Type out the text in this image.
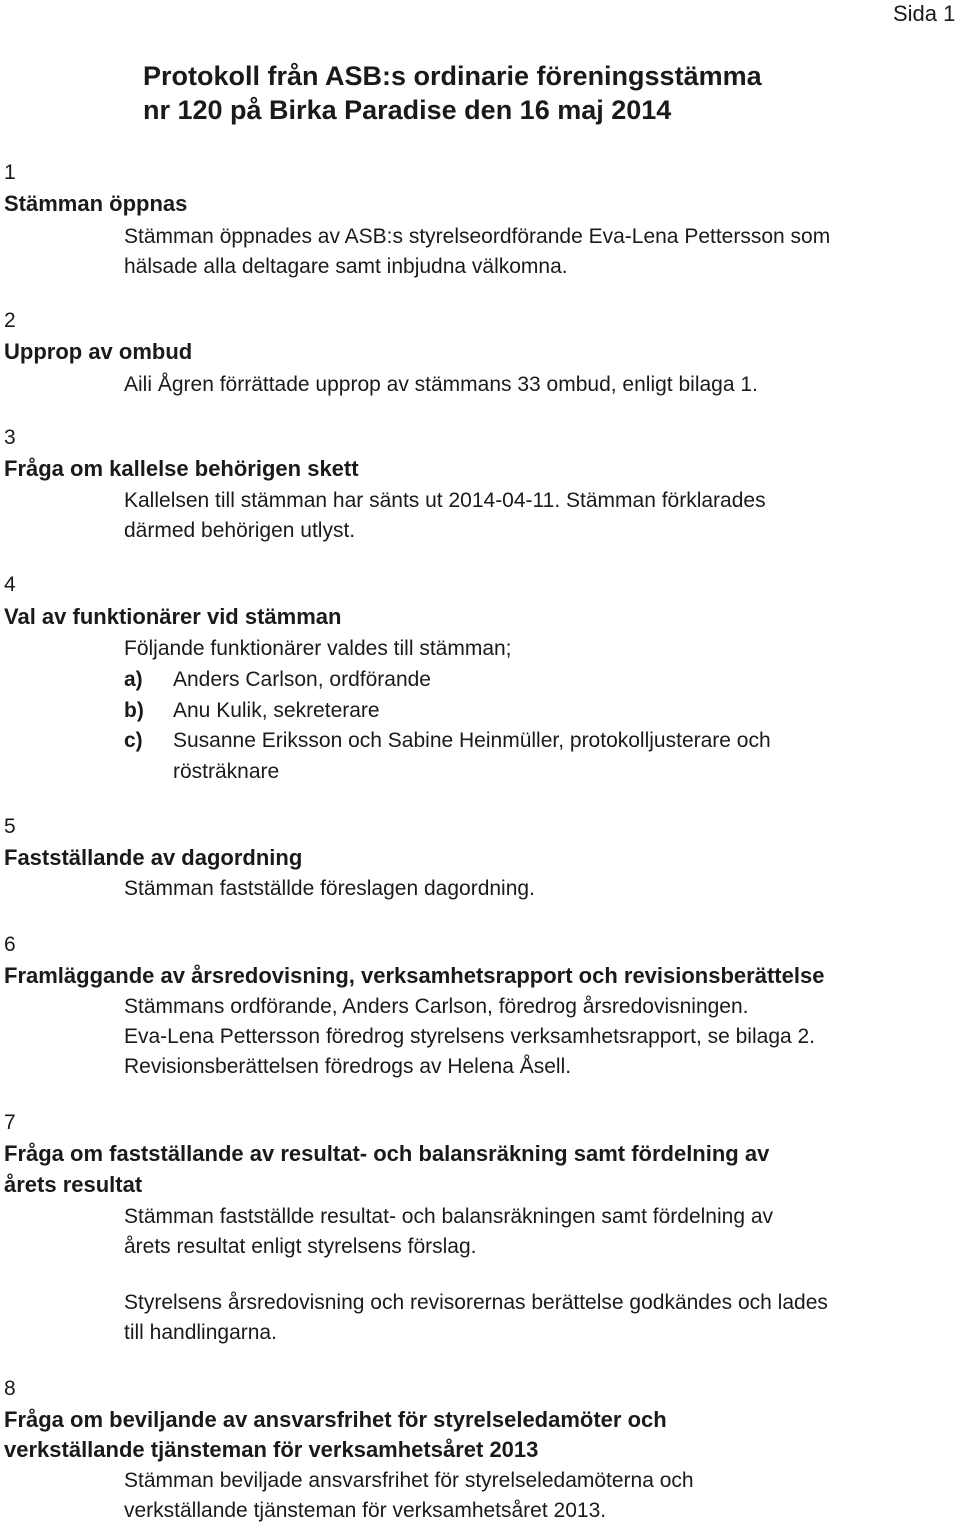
Sida 1
Protokoll från ASB:s ordinarie föreningsstämma
nr 120 på Birka Paradise den 16 maj 2014
1
Stämman öppnas
Stämman öppnades av ASB:s styrelseordförande Eva-Lena Pettersson som
hälsade alla deltagare samt inbjudna välkomna.
2
Upprop av ombud
Aili Ågren förrättade upprop av stämmans 33 ombud, enligt bilaga 1.
3
Fråga om kallelse behörigen skett
Kallelsen till stämman har sänts ut 2014-04-11. Stämman förklarades
därmed behörigen utlyst.
4
Val av funktionärer vid stämman
Följande funktionärer valdes till stämman;
a) Anders Carlson, ordförande
b) Anu Kulik, sekreterare
c) Susanne Eriksson och Sabine Heinmüller, protokolljusterare och
rösträknare
5
Fastställande av dagordning
Stämman fastställde föreslagen dagordning.
6
Framläggande av årsredovisning, verksamhetsrapport och revisionsberättelse
Stämmans ordförande, Anders Carlson, föredrog årsredovisningen.
Eva-Lena Pettersson föredrog styrelsens verksamhetsrapport, se bilaga 2.
Revisionsberättelsen föredrogs av Helena Åsell.
7
Fråga om fastställande av resultat- och balansräkning samt fördelning av
årets resultat
Stämman fastställde resultat- och balansräkningen samt fördelning av
årets resultat enligt styrelsens förslag.
Styrelsens årsredovisning och revisorernas berättelse godkändes och lades
till handlingarna.
8
Fråga om beviljande av ansvarsfrihet för styrelseledamöter och
verkställande tjänsteman för verksamhetsåret 2013
Stämman beviljade ansvarsfrihet för styrelseledamöterna och
verkställande tjänsteman för verksamhetsåret 2013.
